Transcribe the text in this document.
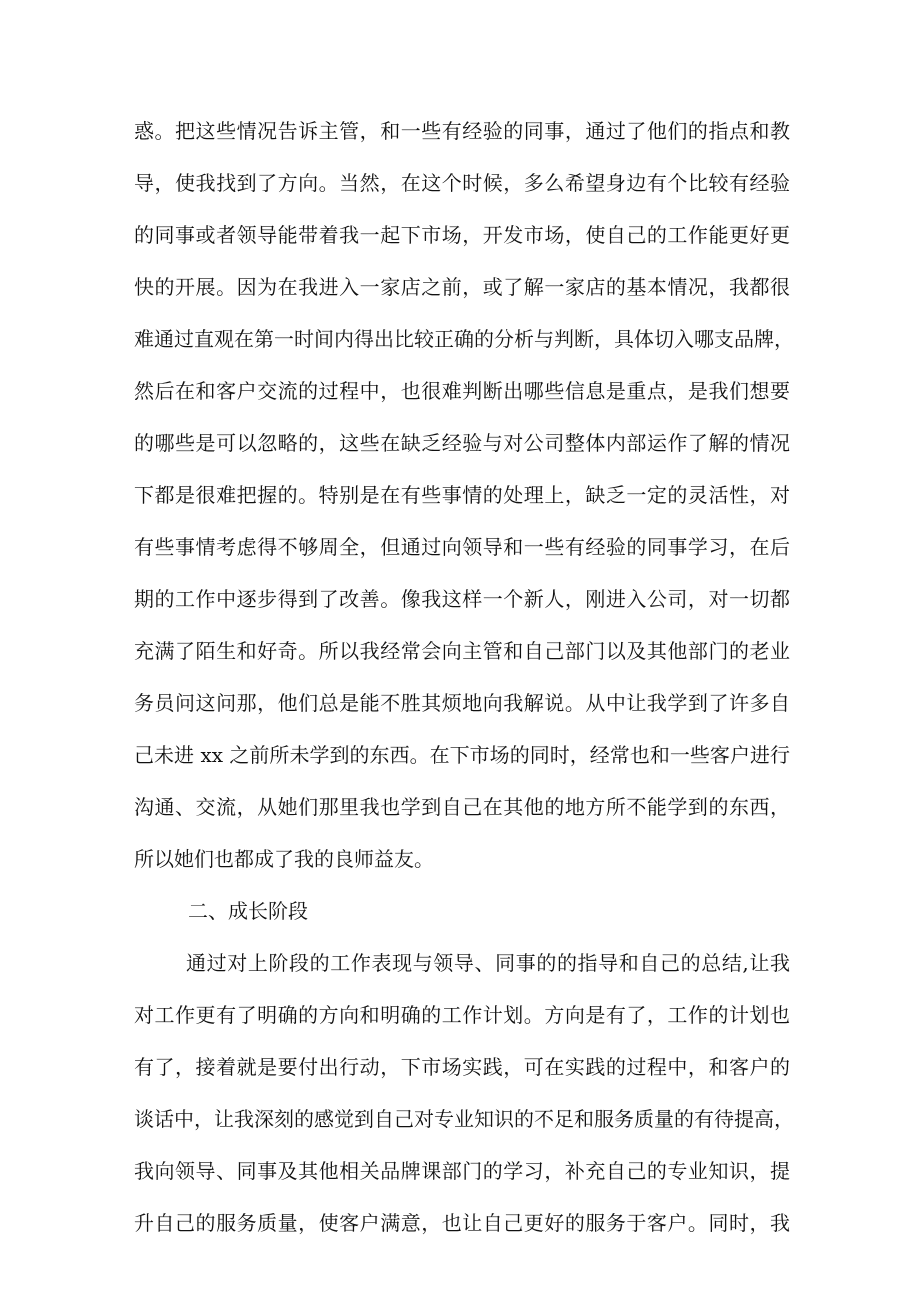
惑。把这些情况告诉主管，和一些有经验的同事，通过了他们的指点和教
导，使我找到了方向。当然，在这个时候，多么希望身边有个比较有经验
的同事或者领导能带着我一起下市场，开发市场，使自己的工作能更好更
快的开展。因为在我进入一家店之前，或了解一家店的基本情况，我都很
难通过直观在第一时间内得出比较正确的分析与判断，具体切入哪支品牌，
然后在和客户交流的过程中，也很难判断出哪些信息是重点，是我们想要
的哪些是可以忽略的，这些在缺乏经验与对公司整体内部运作了解的情况
下都是很难把握的。特别是在有些事情的处理上，缺乏一定的灵活性，对
有些事情考虑得不够周全，但通过向领导和一些有经验的同事学习，在后
期的工作中逐步得到了改善。像我这样一个新人，刚进入公司，对一切都
充满了陌生和好奇。所以我经常会向主管和自己部门以及其他部门的老业
务员问这问那，他们总是能不胜其烦地向我解说。从中让我学到了许多自
己未进 xx 之前所未学到的东西。在下市场的同时，经常也和一些客户进行
沟通、交流，从她们那里我也学到自己在其他的地方所不能学到的东西，
所以她们也都成了我的良师益友。
二、成长阶段
通过对上阶段的工作表现与领导、同事的的指导和自己的总结,让我
对工作更有了明确的方向和明确的工作计划。方向是有了，工作的计划也
有了，接着就是要付出行动，下市场实践，可在实践的过程中，和客户的
谈话中，让我深刻的感觉到自己对专业知识的不足和服务质量的有待提高，
我向领导、同事及其他相关品牌课部门的学习，补充自己的专业知识，提
升自己的服务质量，使客户满意，也让自己更好的服务于客户。同时，我
